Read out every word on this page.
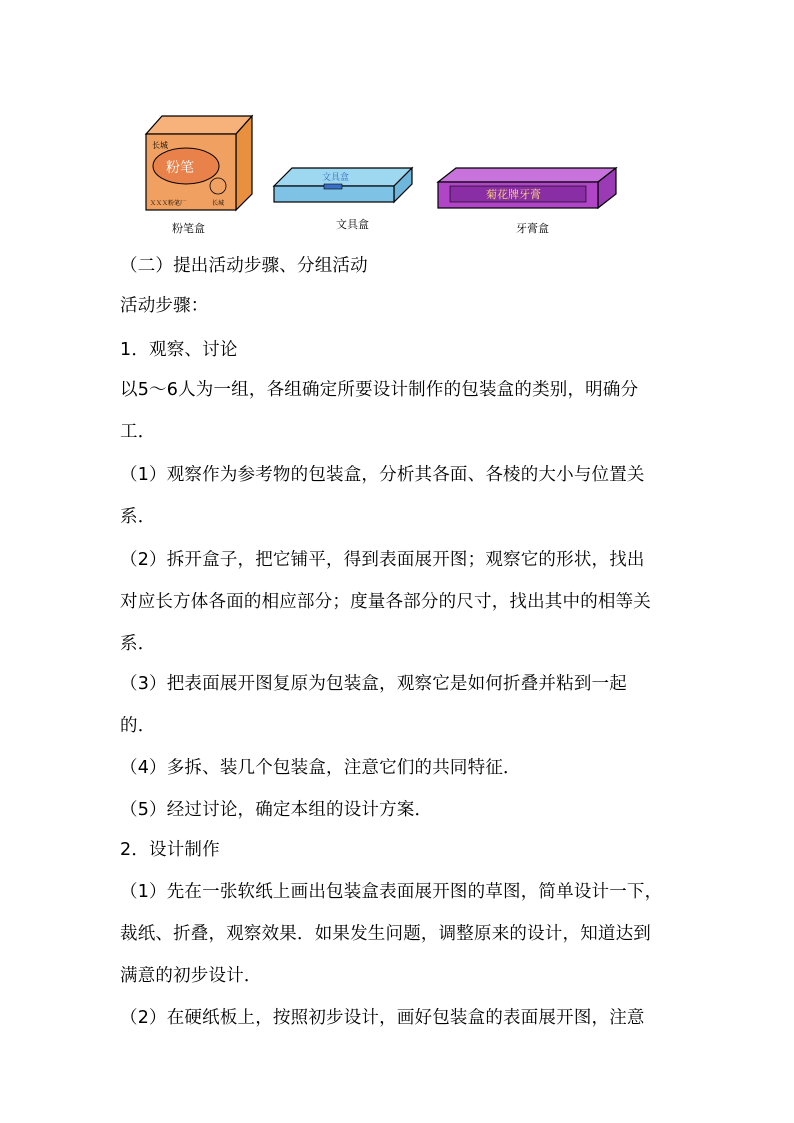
长城
粉笔
ＸＸＸ粉笔厂	长城
文具盒
菊花牌牙膏
粉笔盒	文具盒	牙膏盒
（二）提出活动步骤、分组活动
活动步骤：
1．观察、讨论
以5～6人为一组，各组确定所要设计制作的包装盒的类别，明确分
工．
（1）观察作为参考物的包装盒，分析其各面、各棱的大小与位置关
系．
（2）拆开盒子，把它铺平，得到表面展开图；观察它的形状，找出
对应长方体各面的相应部分；度量各部分的尺寸，找出其中的相等关
系．
（3）把表面展开图复原为包装盒，观察它是如何折叠并粘到一起
的．
（4）多拆、装几个包装盒，注意它们的共同特征．
（5）经过讨论，确定本组的设计方案．
2．设计制作
（1）先在一张软纸上画出包装盒表面展开图的草图，简单设计一下，
裁纸、折叠，观察效果．如果发生问题，调整原来的设计，知道达到
满意的初步设计．
（2）在硬纸板上，按照初步设计，画好包装盒的表面展开图，注意
